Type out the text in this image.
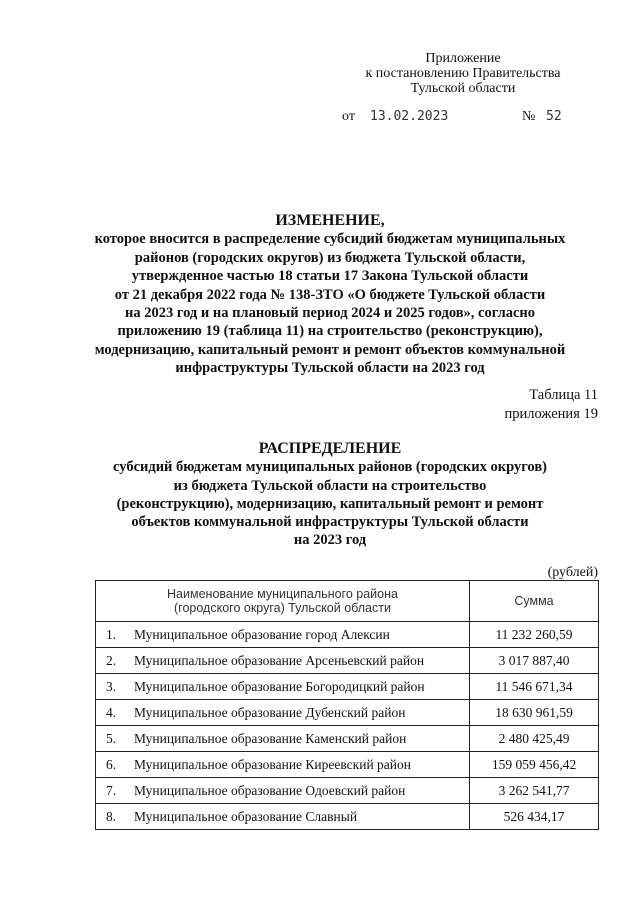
Приложение
к постановлению Правительства
Тульской области
от 13.02.2023	№ 52
ИЗМЕНЕНИЕ,
которое вносится в распределение субсидий бюджетам муниципальных
районов (городских округов) из бюджета Тульской области,
утвержденное частью 18 статьи 17 Закона Тульской области
от 21 декабря 2022 года № 138-ЗТО «О бюджете Тульской области
на 2023 год и на плановый период 2024 и 2025 годов», согласно
приложению 19 (таблица 11) на строительство (реконструкцию),
модернизацию, капитальный ремонт и ремонт объектов коммунальной
инфраструктуры Тульской области на 2023 год
Таблица 11
приложения 19
РАСПРЕДЕЛЕНИЕ
субсидий бюджетам муниципальных районов (городских округов)
из бюджета Тульской области на строительство
(реконструкцию), модернизацию, капитальный ремонт и ремонт
объектов коммунальной инфраструктуры Тульской области
на 2023 год
(рублей)
Наименование муниципального района
(городского округа) Тульской области	Сумма

1. Муниципальное образование город Алексин	11 232 260,59

2. Муниципальное образование Арсеньевский район	3 017 887,40

3. Муниципальное образование Богородицкий район	11 546 671,34

4. Муниципальное образование Дубенский район	18 630 961,59

5. Муниципальное образование Каменский район	2 480 425,49

6. Муниципальное образование Киреевский район	159 059 456,42

7. Муниципальное образование Одоевский район	3 262 541,77

8. Муниципальное образование Славный	526 434,17
